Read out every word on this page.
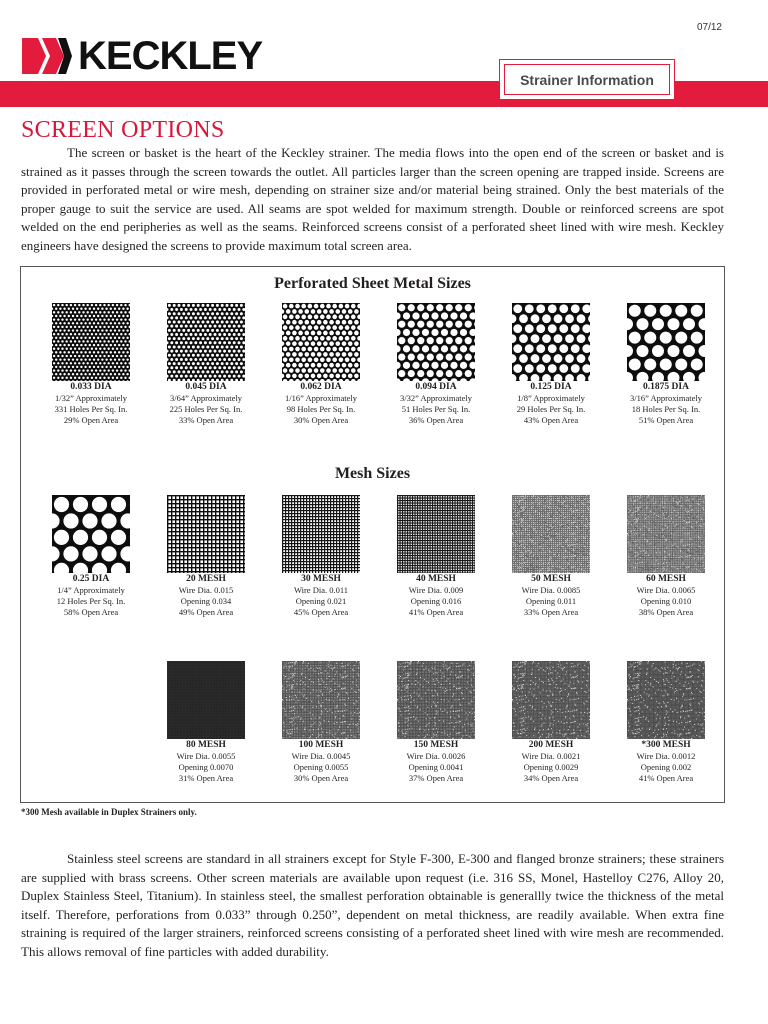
07/12
KECKLEY
Strainer Information
SCREEN OPTIONS

The screen or basket is the heart of the Keckley strainer. The media flows into the open end of the screen or basket and is strained as it passes through the screen towards the outlet. All particles larger than the screen opening are trapped inside. Screens are provided in perforated metal or wire mesh, depending on strainer size and/or material being strained. Only the best materials of the proper gauge to suit the service are used. All seams are spot welded for maximum strength. Double or reinforced screens are spot welded on the end peripheries as well as the seams. Reinforced screens consist of a perforated sheet lined with wire mesh. Keckley engineers have designed the screens to provide maximum total screen area.

Perforated Sheet Metal Sizes
Mesh Sizes
0.033 DIA
1/32” Approximately
331 Holes Per Sq. In.
29% Open Area
0.045 DIA
3/64” Approximately
225 Holes Per Sq. In.
33% Open Area
0.062 DIA
1/16” Approximately
98 Holes Per Sq. In.
30% Open Area
0.094 DIA
3/32” Approximately
51 Holes Per Sq. In.
36% Open Area
0.125 DIA
1/8” Approximately
29 Holes Per Sq. In.
43% Open Area
0.1875 DIA
3/16” Approximately
18 Holes Per Sq. In.
51% Open Area
0.25 DIA
1/4” Approximately
12 Holes Per Sq. In.
58% Open Area
20 MESH
Wire Dia. 0.015
Opening 0.034
49% Open Area
30 MESH
Wire Dia. 0.011
Opening 0.021
45% Open Area
40 MESH
Wire Dia. 0.009
Opening 0.016
41% Open Area
50 MESH
Wire Dia. 0.0085
Opening 0.011
33% Open Area
60 MESH
Wire Dia. 0.0065
Opening 0.010
38% Open Area
80 MESH
Wire Dia. 0.0055
Opening 0.0070
31% Open Area
100 MESH
Wire Dia. 0.0045
Opening 0.0055
30% Open Area
150 MESH
Wire Dia. 0.0026
Opening 0.0041
37% Open Area
200 MESH
Wire Dia. 0.0021
Opening 0.0029
34% Open Area
*300 MESH
Wire Dia. 0.0012
Opening 0.002
41% Open Area
*300 Mesh available in Duplex Strainers only.

Stainless steel screens are standard in all strainers except for Style F-300, E-300 and flanged bronze strainers; these strainers are supplied with brass screens. Other screen materials are available upon request (i.e. 316 SS, Monel, Hastelloy C276, Alloy 20, Duplex Stainless Steel, Titanium). In stainless steel, the smallest perforation obtainable is generallly twice the thickness of the metal itself. Therefore, perforations from 0.033” through 0.250”, dependent on metal thickness, are readily available. When extra fine straining is required of the larger strainers, reinforced screens consisting of a perforated sheet lined with wire mesh are recommended. This allows removal of fine particles with added durability.
